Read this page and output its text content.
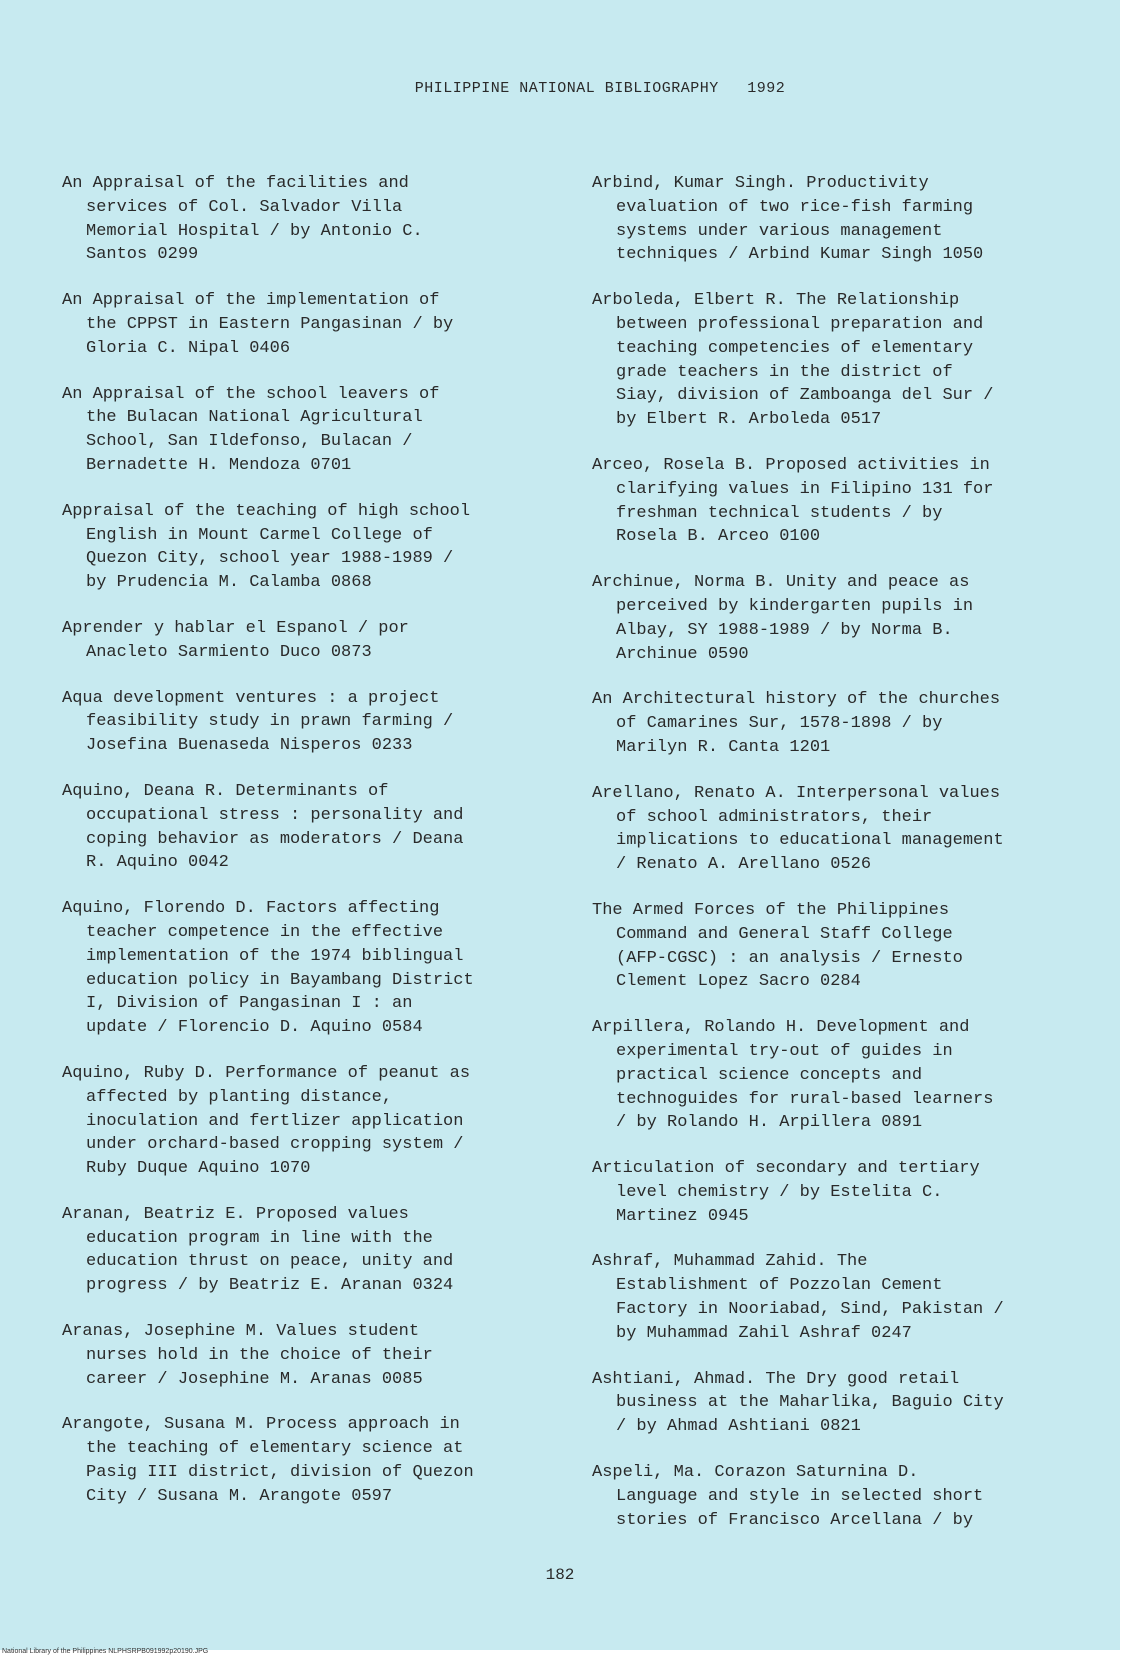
PHILIPPINE NATIONAL BIBLIOGRAPHY 1992
An Appraisal of the facilities and
services of Col. Salvador Villa
Memorial Hospital / by Antonio C.
Santos 0299
An Appraisal of the implementation of
the CPPST in Eastern Pangasinan / by
Gloria C. Nipal 0406
An Appraisal of the school leavers of
the Bulacan National Agricultural
School, San Ildefonso, Bulacan /
Bernadette H. Mendoza 0701
Appraisal of the teaching of high school
English in Mount Carmel College of
Quezon City, school year 1988-1989 /
by Prudencia M. Calamba 0868
Aprender y hablar el Espanol / por
Anacleto Sarmiento Duco 0873
Aqua development ventures : a project
feasibility study in prawn farming /
Josefina Buenaseda Nisperos 0233
Aquino, Deana R. Determinants of
occupational stress : personality and
coping behavior as moderators / Deana
R. Aquino 0042
Aquino, Florendo D. Factors affecting
teacher competence in the effective
implementation of the 1974 biblingual
education policy in Bayambang District
I, Division of Pangasinan I : an
update / Florencio D. Aquino 0584
Aquino, Ruby D. Performance of peanut as
affected by planting distance,
inoculation and fertlizer application
under orchard-based cropping system /
Ruby Duque Aquino 1070
Aranan, Beatriz E. Proposed values
education program in line with the
education thrust on peace, unity and
progress / by Beatriz E. Aranan 0324
Aranas, Josephine M. Values student
nurses hold in the choice of their
career / Josephine M. Aranas 0085
Arangote, Susana M. Process approach in
the teaching of elementary science at
Pasig III district, division of Quezon
City / Susana M. Arangote 0597
Arbind, Kumar Singh. Productivity
evaluation of two rice-fish farming
systems under various management
techniques / Arbind Kumar Singh 1050
Arboleda, Elbert R. The Relationship
between professional preparation and
teaching competencies of elementary
grade teachers in the district of
Siay, division of Zamboanga del Sur /
by Elbert R. Arboleda 0517
Arceo, Rosela B. Proposed activities in
clarifying values in Filipino 131 for
freshman technical students / by
Rosela B. Arceo 0100
Archinue, Norma B. Unity and peace as
perceived by kindergarten pupils in
Albay, SY 1988-1989 / by Norma B.
Archinue 0590
An Architectural history of the churches
of Camarines Sur, 1578-1898 / by
Marilyn R. Canta 1201
Arellano, Renato A. Interpersonal values
of school administrators, their
implications to educational management
/ Renato A. Arellano 0526
The Armed Forces of the Philippines
Command and General Staff College
(AFP-CGSC) : an analysis / Ernesto
Clement Lopez Sacro 0284
Arpillera, Rolando H. Development and
experimental try-out of guides in
practical science concepts and
technoguides for rural-based learners
/ by Rolando H. Arpillera 0891
Articulation of secondary and tertiary
level chemistry / by Estelita C.
Martinez 0945
Ashraf, Muhammad Zahid. The
Establishment of Pozzolan Cement
Factory in Nooriabad, Sind, Pakistan /
by Muhammad Zahil Ashraf 0247
Ashtiani, Ahmad. The Dry good retail
business at the Maharlika, Baguio City
/ by Ahmad Ashtiani 0821
Aspeli, Ma. Corazon Saturnina D.
Language and style in selected short
stories of Francisco Arcellana / by
182
National Library of the Philippines NLPHSRPB091992p20190.JPG
